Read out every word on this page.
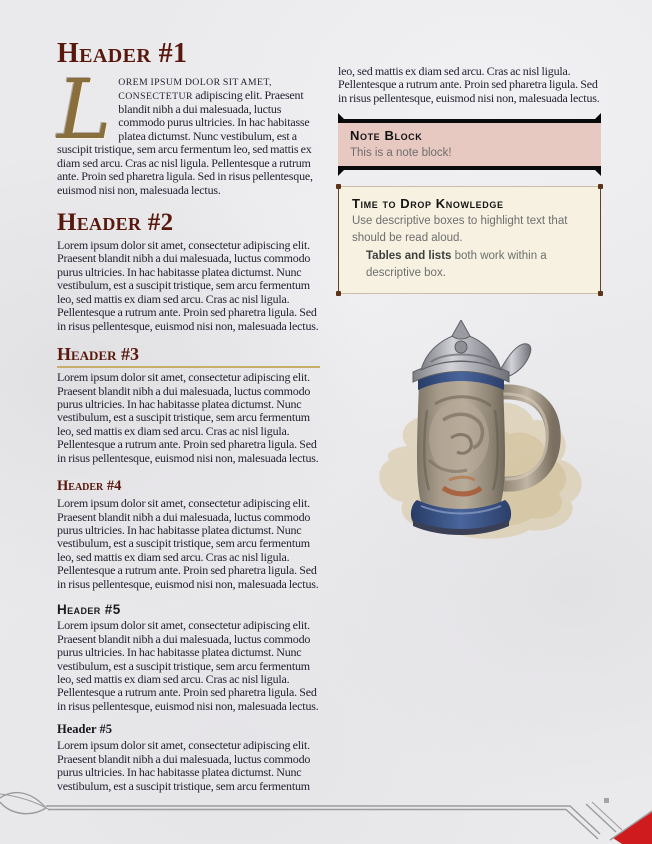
Header #1

LOREM IPSUM DOLOR SIT AMET, CONSECTETUR adipiscing elit. Praesent blandit nibh a dui malesuada, luctus commodo purus ultricies. In hac habitasse platea dictumst. Nunc vestibulum, est a suscipit tristique, sem arcu fermentum leo, sed mattis ex diam sed arcu. Cras ac nisl ligula. Pellentesque a rutrum ante. Proin sed pharetra ligula. Sed in risus pellentesque, euismod nisi non, malesuada lectus.

Header #2

Lorem ipsum dolor sit amet, consectetur adipiscing elit. Praesent blandit nibh a dui malesuada, luctus commodo purus ultricies. In hac habitasse platea dictumst. Nunc vestibulum, est a suscipit tristique, sem arcu fermentum leo, sed mattis ex diam sed arcu. Cras ac nisl ligula. Pellentesque a rutrum ante. Proin sed pharetra ligula. Sed in risus pellentesque, euismod nisi non, malesuada lectus.

Header #3

Lorem ipsum dolor sit amet, consectetur adipiscing elit. Praesent blandit nibh a dui malesuada, luctus commodo purus ultricies. In hac habitasse platea dictumst. Nunc vestibulum, est a suscipit tristique, sem arcu fermentum leo, sed mattis ex diam sed arcu. Cras ac nisl ligula. Pellentesque a rutrum ante. Proin sed pharetra ligula. Sed in risus pellentesque, euismod nisi non, malesuada lectus.

Header #4

Lorem ipsum dolor sit amet, consectetur adipiscing elit. Praesent blandit nibh a dui malesuada, luctus commodo purus ultricies. In hac habitasse platea dictumst. Nunc vestibulum, est a suscipit tristique, sem arcu fermentum leo, sed mattis ex diam sed arcu. Cras ac nisl ligula. Pellentesque a rutrum ante. Proin sed pharetra ligula. Sed in risus pellentesque, euismod nisi non, malesuada lectus.

Header #5

Lorem ipsum dolor sit amet, consectetur adipiscing elit. Praesent blandit nibh a dui malesuada, luctus commodo purus ultricies. In hac habitasse platea dictumst. Nunc vestibulum, est a suscipit tristique, sem arcu fermentum leo, sed mattis ex diam sed arcu. Cras ac nisl ligula. Pellentesque a rutrum ante. Proin sed pharetra ligula. Sed in risus pellentesque, euismod nisi non, malesuada lectus.

Header #5

Lorem ipsum dolor sit amet, consectetur adipiscing elit. Praesent blandit nibh a dui malesuada, luctus commodo purus ultricies. In hac habitasse platea dictumst. Nunc vestibulum, est a suscipit tristique, sem arcu fermentum

leo, sed mattis ex diam sed arcu. Cras ac nisl ligula. Pellentesque a rutrum ante. Proin sed pharetra ligula. Sed in risus pellentesque, euismod nisi non, malesuada lectus.

Note Block

This is a note block!

Time to Drop Knowledge

Use descriptive boxes to highlight text that should be read aloud.

Tables and lists both work within a descriptive box.
